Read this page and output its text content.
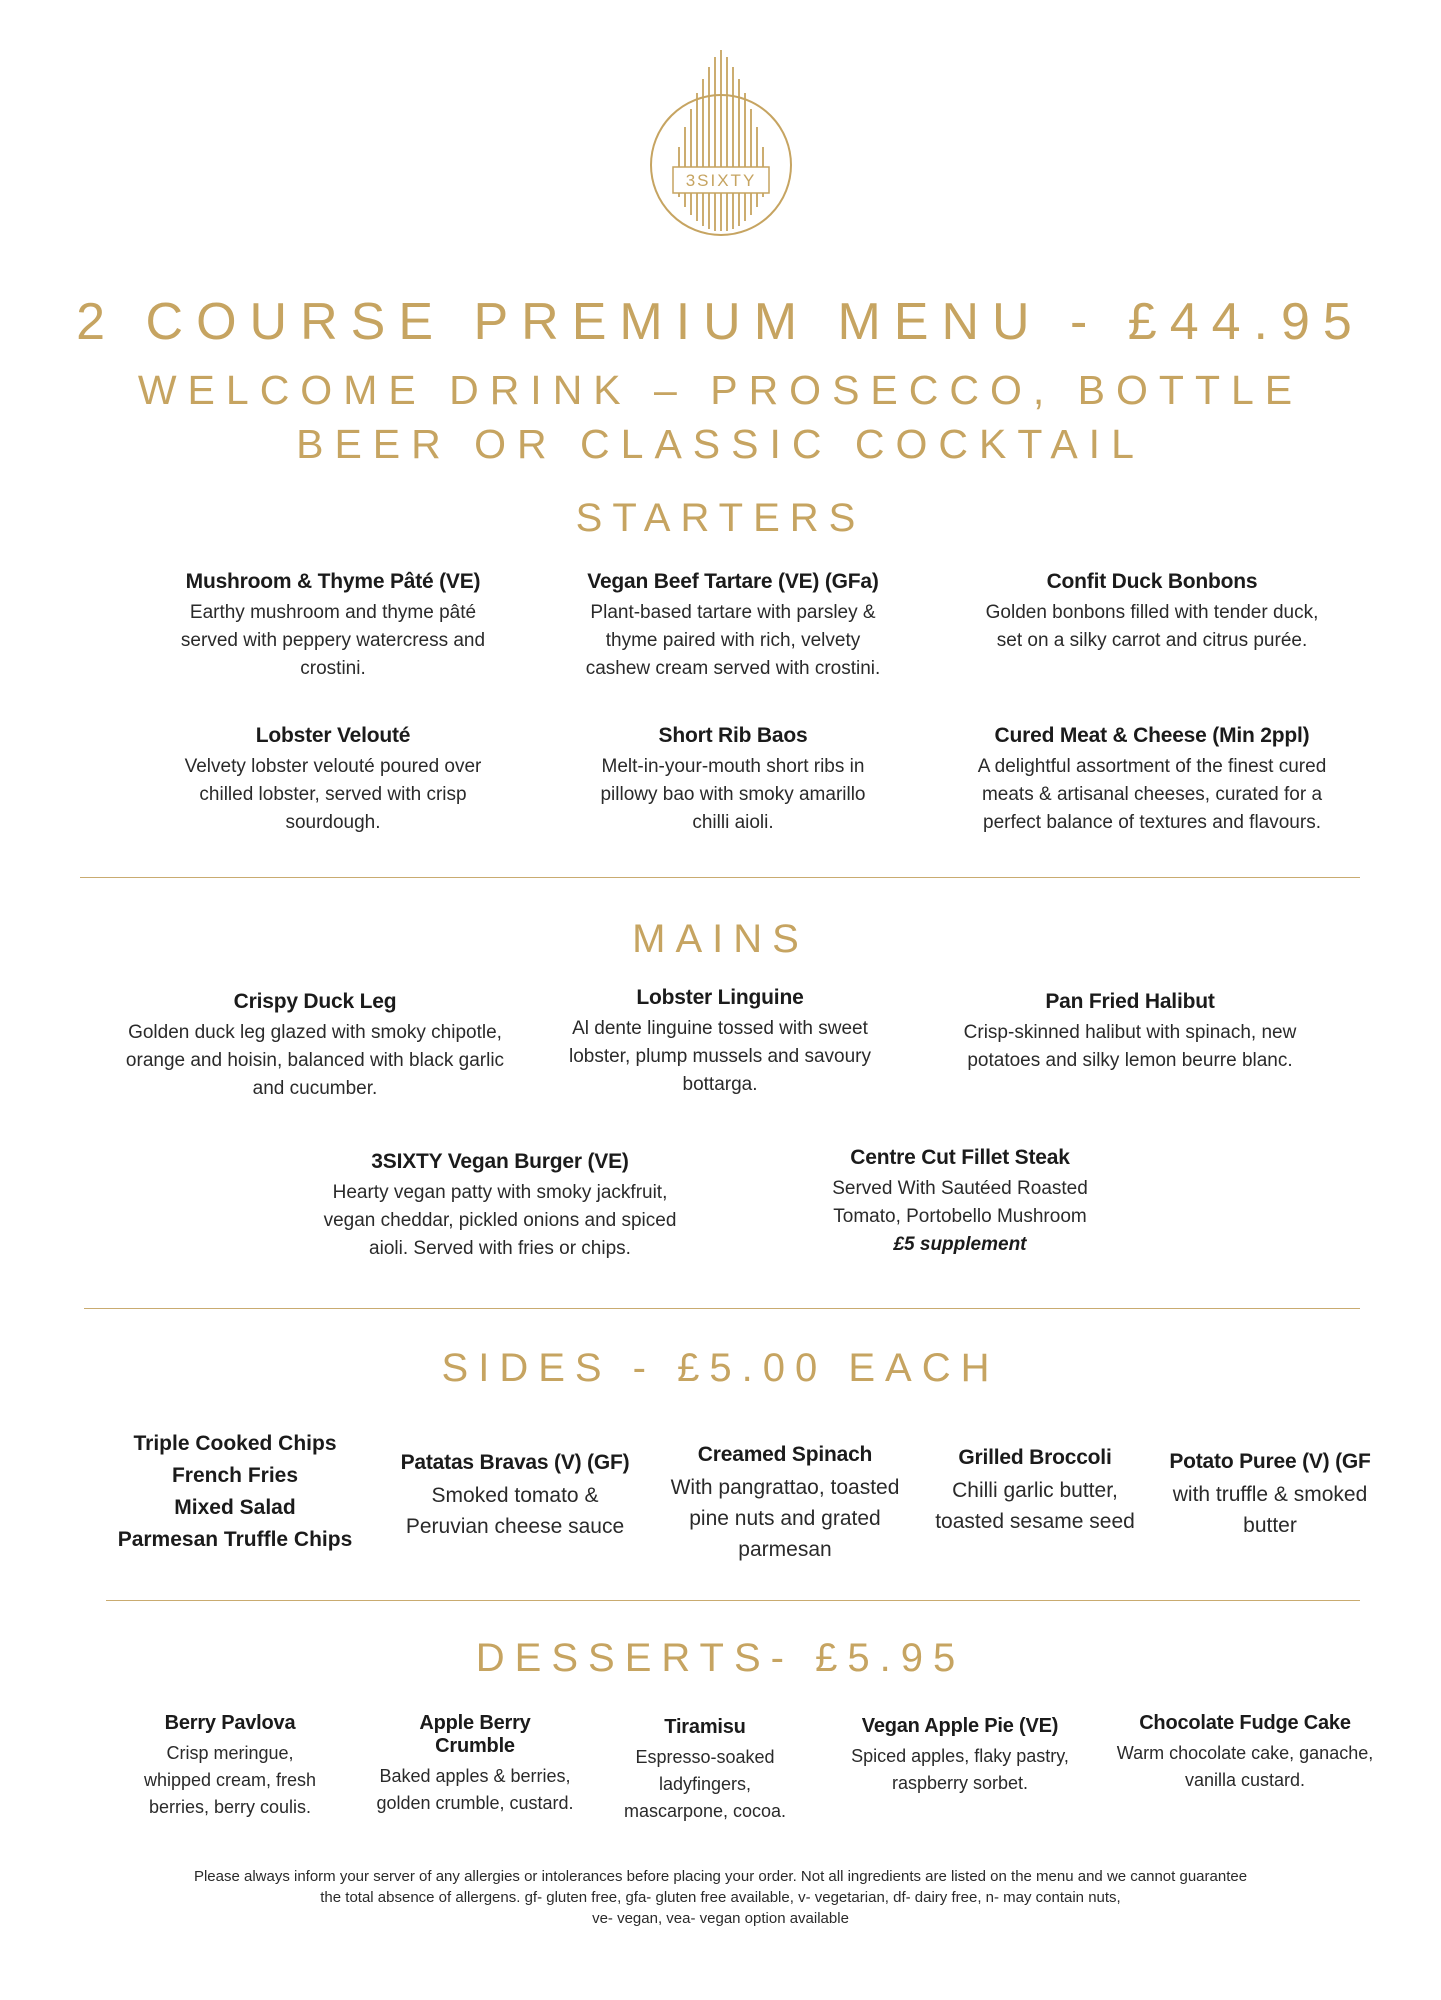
3SIXTY
2 COURSE PREMIUM MENU - £44.95
WELCOME DRINK – PROSECCO, BOTTLE
BEER OR CLASSIC COCKTAIL
STARTERS
Mushroom & Thyme Pâté (VE)
Earthy mushroom and thyme pâté
served with peppery watercress and
crostini.
Vegan Beef Tartare (VE) (GFa)
Plant-based tartare with parsley &
thyme paired with rich, velvety
cashew cream served with crostini.
Confit Duck Bonbons
Golden bonbons filled with tender duck,
set on a silky carrot and citrus purée.
Lobster Velouté
Velvety lobster velouté poured over
chilled lobster, served with crisp
sourdough.
Short Rib Baos
Melt-in-your-mouth short ribs in
pillowy bao with smoky amarillo
chilli aioli.
Cured Meat & Cheese (Min 2ppl)
A delightful assortment of the finest cured
meats & artisanal cheeses, curated for a
perfect balance of textures and flavours.
MAINS
Crispy Duck Leg
Golden duck leg glazed with smoky chipotle,
orange and hoisin, balanced with black garlic
and cucumber.
Lobster Linguine
Al dente linguine tossed with sweet
lobster, plump mussels and savoury
bottarga.
Pan Fried Halibut
Crisp-skinned halibut with spinach, new
potatoes and silky lemon beurre blanc.
3SIXTY Vegan Burger (VE)
Hearty vegan patty with smoky jackfruit,
vegan cheddar, pickled onions and spiced
aioli. Served with fries or chips.
Centre Cut Fillet Steak
Served With Sautéed Roasted
Tomato, Portobello Mushroom
£5 supplement
SIDES - £5.00 EACH
Triple Cooked Chips
French Fries
Mixed Salad
Parmesan Truffle Chips
Patatas Bravas (V) (GF)
Smoked tomato &
Peruvian cheese sauce
Creamed Spinach
With pangrattao, toasted
pine nuts and grated
parmesan
Grilled Broccoli
Chilli garlic butter,
toasted sesame seed
Potato Puree (V) (GF
with truffle & smoked
butter
DESSERTS- £5.95
Berry Pavlova
Crisp meringue,
whipped cream, fresh
berries, berry coulis.
Apple Berry
Crumble
Baked apples & berries,
golden crumble, custard.
Tiramisu
Espresso-soaked
ladyfingers,
mascarpone, cocoa.
Vegan Apple Pie (VE)
Spiced apples, flaky pastry,
raspberry sorbet.
Chocolate Fudge Cake
Warm chocolate cake, ganache,
vanilla custard.
Please always inform your server of any allergies or intolerances before placing your order. Not all ingredients are listed on the menu and we cannot guarantee
the total absence of allergens. gf- gluten free, gfa- gluten free available, v- vegetarian, df- dairy free, n- may contain nuts,
ve- vegan, vea- vegan option available
